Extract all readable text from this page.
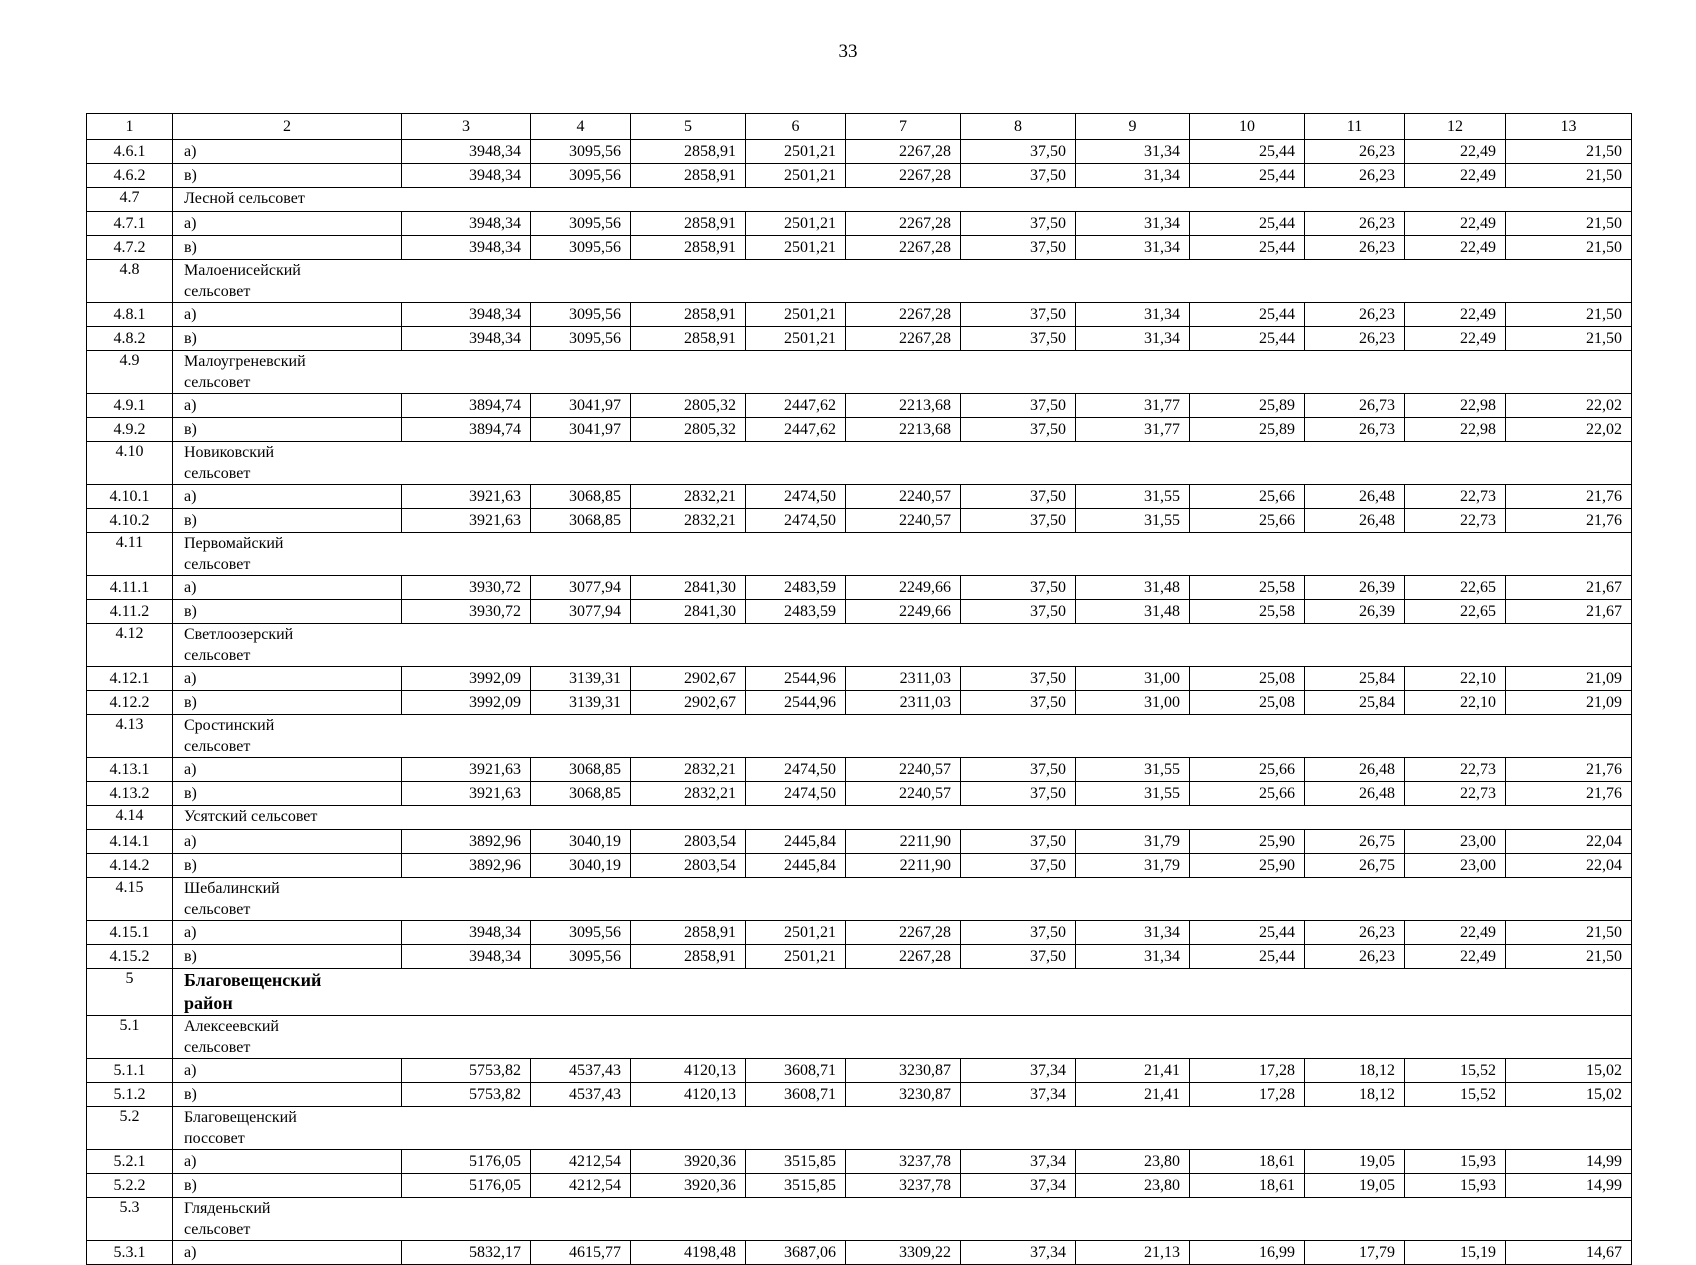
33
1	2	3	4	5	6	7	8	9	10	11	12	13
4.6.1	а)	3948,34	3095,56	2858,91	2501,21	2267,28	37,50	31,34	25,44	26,23	22,49	21,50
4.6.2	в)	3948,34	3095,56	2858,91	2501,21	2267,28	37,50	31,34	25,44	26,23	22,49	21,50
4.7	Лесной сельсовет											

4.7.1	а)	3948,34	3095,56	2858,91	2501,21	2267,28	37,50	31,34	25,44	26,23	22,49	21,50
4.7.2	в)	3948,34	3095,56	2858,91	2501,21	2267,28	37,50	31,34	25,44	26,23	22,49	21,50
4.8	Малоенисейский сельсовет											

4.8.1	а)	3948,34	3095,56	2858,91	2501,21	2267,28	37,50	31,34	25,44	26,23	22,49	21,50
4.8.2	в)	3948,34	3095,56	2858,91	2501,21	2267,28	37,50	31,34	25,44	26,23	22,49	21,50
4.9	Малоугреневский сельсовет											

4.9.1	а)	3894,74	3041,97	2805,32	2447,62	2213,68	37,50	31,77	25,89	26,73	22,98	22,02
4.9.2	в)	3894,74	3041,97	2805,32	2447,62	2213,68	37,50	31,77	25,89	26,73	22,98	22,02
4.10	Новиковский сельсовет											

4.10.1	а)	3921,63	3068,85	2832,21	2474,50	2240,57	37,50	31,55	25,66	26,48	22,73	21,76
4.10.2	в)	3921,63	3068,85	2832,21	2474,50	2240,57	37,50	31,55	25,66	26,48	22,73	21,76
4.11	Первомайский сельсовет											

4.11.1	а)	3930,72	3077,94	2841,30	2483,59	2249,66	37,50	31,48	25,58	26,39	22,65	21,67
4.11.2	в)	3930,72	3077,94	2841,30	2483,59	2249,66	37,50	31,48	25,58	26,39	22,65	21,67
4.12	Светлоозерский сельсовет											

4.12.1	а)	3992,09	3139,31	2902,67	2544,96	2311,03	37,50	31,00	25,08	25,84	22,10	21,09
4.12.2	в)	3992,09	3139,31	2902,67	2544,96	2311,03	37,50	31,00	25,08	25,84	22,10	21,09
4.13	Сростинский сельсовет											

4.13.1	а)	3921,63	3068,85	2832,21	2474,50	2240,57	37,50	31,55	25,66	26,48	22,73	21,76
4.13.2	в)	3921,63	3068,85	2832,21	2474,50	2240,57	37,50	31,55	25,66	26,48	22,73	21,76
4.14	Усятский сельсовет											

4.14.1	а)	3892,96	3040,19	2803,54	2445,84	2211,90	37,50	31,79	25,90	26,75	23,00	22,04
4.14.2	в)	3892,96	3040,19	2803,54	2445,84	2211,90	37,50	31,79	25,90	26,75	23,00	22,04
4.15	Шебалинский сельсовет											

4.15.1	а)	3948,34	3095,56	2858,91	2501,21	2267,28	37,50	31,34	25,44	26,23	22,49	21,50
4.15.2	в)	3948,34	3095,56	2858,91	2501,21	2267,28	37,50	31,34	25,44	26,23	22,49	21,50
5	Благовещенский район											

5.1	Алексеевский сельсовет											

5.1.1	а)	5753,82	4537,43	4120,13	3608,71	3230,87	37,34	21,41	17,28	18,12	15,52	15,02
5.1.2	в)	5753,82	4537,43	4120,13	3608,71	3230,87	37,34	21,41	17,28	18,12	15,52	15,02
5.2	Благовещенский поссовет											

5.2.1	а)	5176,05	4212,54	3920,36	3515,85	3237,78	37,34	23,80	18,61	19,05	15,93	14,99
5.2.2	в)	5176,05	4212,54	3920,36	3515,85	3237,78	37,34	23,80	18,61	19,05	15,93	14,99
5.3	Гляденьский сельсовет											

5.3.1	а)	5832,17	4615,77	4198,48	3687,06	3309,22	37,34	21,13	16,99	17,79	15,19	14,67
